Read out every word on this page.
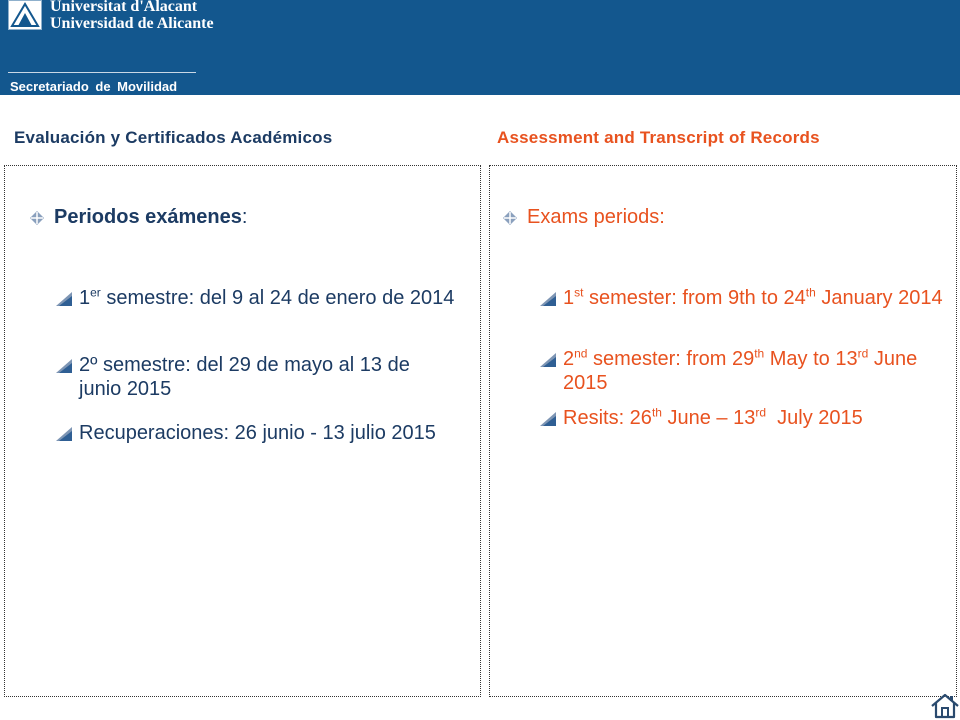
Universitat d'Alacant
Universidad de Alicante
Secretariado de Movilidad
Evaluación y Certificados Académicos	Assessment and Transcript of Records
Periodos exámenes:
1er semestre: del 9 al 24 de enero de 2014
2º semestre: del 29 de mayo al 13 de junio 2015
Recuperaciones: 26 junio - 13 julio 2015
Exams periods:
1st semester: from 9th to 24th January 2014
2nd semester: from 29th May to 13rd June 2015
Resits: 26th June – 13rd  July 2015
